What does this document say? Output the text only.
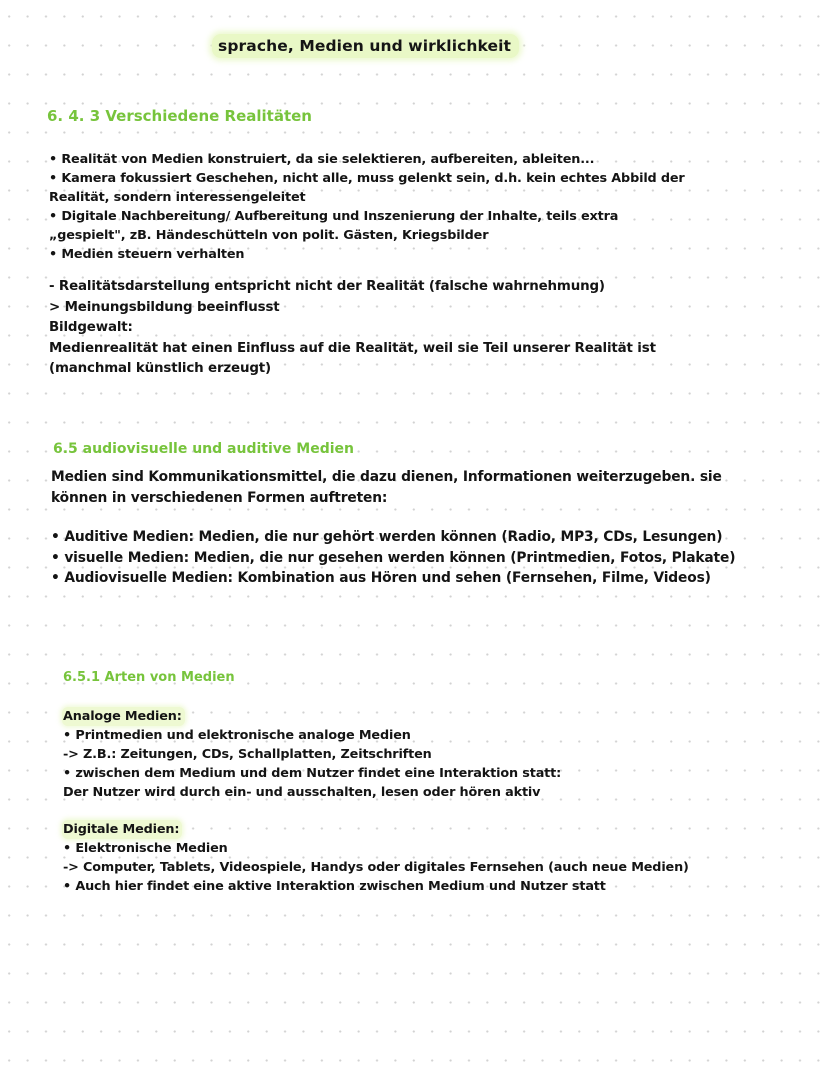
sprache, Medien und wirklichkeit
6. 4. 3 Verschiedene Realitäten
• Realität von Medien konstruiert, da sie selektieren, aufbereiten, ableiten...
• Kamera fokussiert Geschehen, nicht alle, muss gelenkt sein, d.h. kein echtes Abbild der
Realität, sondern interessengeleitet
• Digitale Nachbereitung/ Aufbereitung und Inszenierung der Inhalte, teils extra
„gespielt", zB. Händeschütteln von polit. Gästen, Kriegsbilder
• Medien steuern verhalten
- Realitätsdarstellung entspricht nicht der Realität (falsche wahrnehmung)
> Meinungsbildung beeinflusst
Bildgewalt:
Medienrealität hat einen Einfluss auf die Realität, weil sie Teil unserer Realität ist
(manchmal künstlich erzeugt)
6.5 audiovisuelle und auditive Medien
Medien sind Kommunikationsmittel, die dazu dienen, Informationen weiterzugeben. sie
können in verschiedenen Formen auftreten:
• Auditive Medien: Medien, die nur gehört werden können (Radio, MP3, CDs, Lesungen)
• visuelle Medien: Medien, die nur gesehen werden können (Printmedien, Fotos, Plakate)
• Audiovisuelle Medien: Kombination aus Hören und sehen (Fernsehen, Filme, Videos)
6.5.1 Arten von Medien
Analoge Medien:
• Printmedien und elektronische analoge Medien
-> Z.B.: Zeitungen, CDs, Schallplatten, Zeitschriften
• zwischen dem Medium und dem Nutzer findet eine Interaktion statt:
Der Nutzer wird durch ein- und ausschalten, lesen oder hören aktiv
Digitale Medien:
• Elektronische Medien
-> Computer, Tablets, Videospiele, Handys oder digitales Fernsehen (auch neue Medien)
• Auch hier findet eine aktive Interaktion zwischen Medium und Nutzer statt
